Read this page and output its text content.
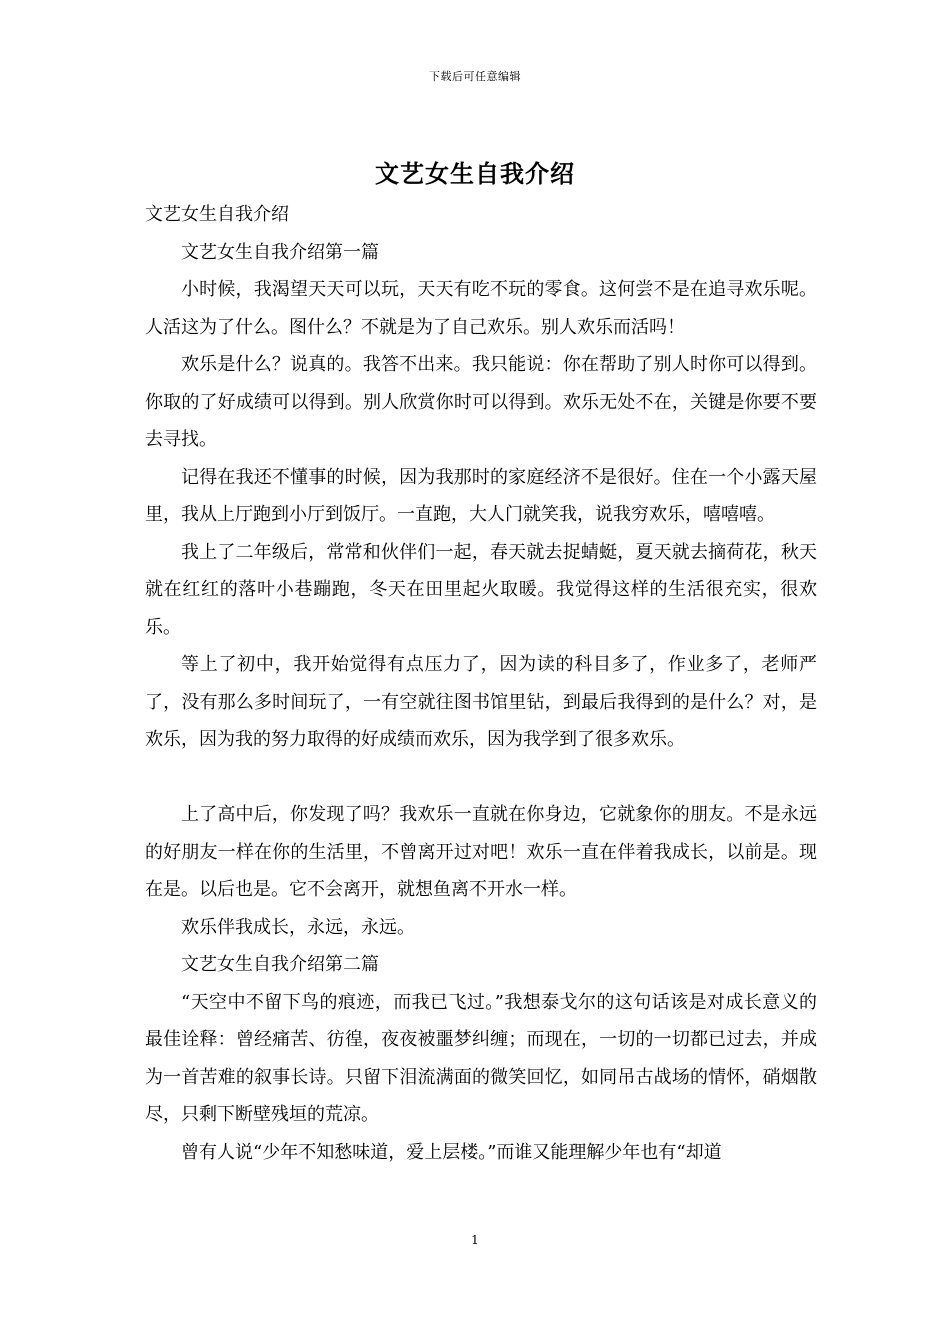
下载后可任意编辑
文艺女生自我介绍

文艺女生自我介绍

文艺女生自我介绍第一篇

小时候，我渴望天天可以玩，天天有吃不玩的零食。这何尝不是在追寻欢乐呢。人活这为了什么。图什么？不就是为了自己欢乐。别人欢乐而活吗！

欢乐是什么？说真的。我答不出来。我只能说：你在帮助了别人时你可以得到。你取的了好成绩可以得到。别人欣赏你时可以得到。欢乐无处不在，关键是你要不要去寻找。

记得在我还不懂事的时候，因为我那时的家庭经济不是很好。住在一个小露天屋里，我从上厅跑到小厅到饭厅。一直跑，大人门就笑我，说我穷欢乐，嘻嘻嘻。

我上了二年级后，常常和伙伴们一起，春天就去捉蜻蜓，夏天就去摘荷花，秋天就在红红的落叶小巷蹦跑，冬天在田里起火取暖。我觉得这样的生活很充实，很欢乐。

等上了初中，我开始觉得有点压力了，因为读的科目多了，作业多了，老师严了，没有那么多时间玩了，一有空就往图书馆里钻，到最后我得到的是什么？对，是欢乐，因为我的努力取得的好成绩而欢乐，因为我学到了很多欢乐。

上了高中后，你发现了吗？我欢乐一直就在你身边，它就象你的朋友。不是永远的好朋友一样在你的生活里，不曾离开过对吧！欢乐一直在伴着我成长，以前是。现在是。以后也是。它不会离开，就想鱼离不开水一样。

欢乐伴我成长，永远，永远。

文艺女生自我介绍第二篇

“天空中不留下鸟的痕迹，而我已飞过。”我想泰戈尔的这句话该是对成长意义的最佳诠释：曾经痛苦、彷徨，夜夜被噩梦纠缠；而现在，一切的一切都已过去，并成为一首苦难的叙事长诗。只留下泪流满面的微笑回忆，如同吊古战场的情怀，硝烟散尽，只剩下断壁残垣的荒凉。

曾有人说“少年不知愁味道，爱上层楼。”而谁又能理解少年也有“却道

1
